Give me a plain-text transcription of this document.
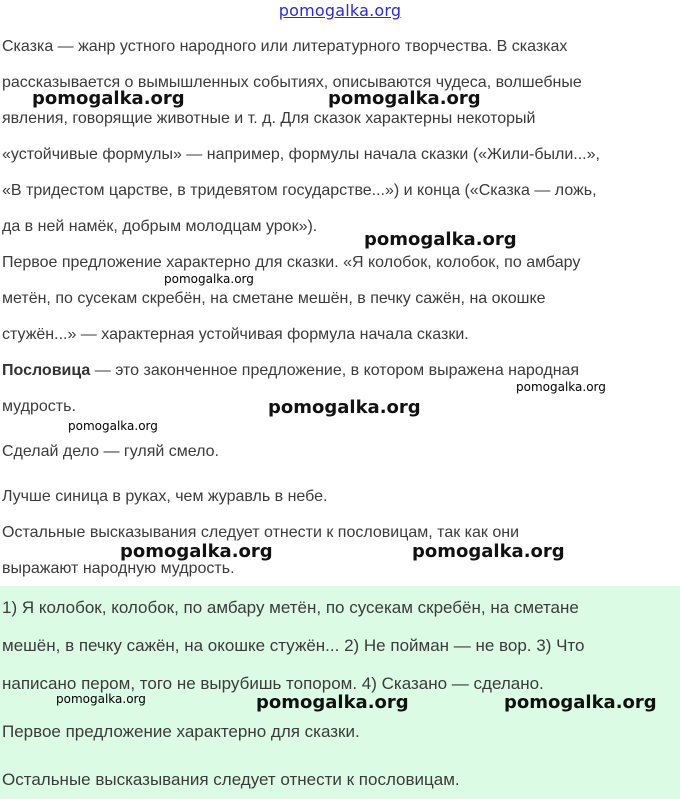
pomogalka.org

Сказка — жанр устного народного или литературного творчества. В сказках

рассказывается о вымышленных событиях, описываются чудеса, волшебные

явления, говорящие животные и т. д. Для сказок характерны некоторый

«устойчивые формулы» — например, формулы начала сказки («Жили-были...»,

«В тридестом царстве, в тридевятом государстве...») и конца («Сказка — ложь,

да в ней намёк, добрым молодцам урок»).

Первое предложение характерно для сказки. «Я колобок, колобок, по амбару

метён, по сусекам скребён, на сметане мешён, в печку сажён, на окошке

стужён...» — характерная устойчивая формула начала сказки.

Пословица — это законченное предложение, в котором выражена народная

мудрость.

Сделай дело — гуляй смело.

Лучше синица в руках, чем журавль в небе.

Остальные высказывания следует отнести к пословицам, так как они

выражают народную мудрость.

1) Я колобок, колобок, по амбару метён, по сусекам скребён, на сметане

мешён, в печку сажён, на окошке стужён... 2) Не пойман — не вор. 3) Что

написано пером, того не вырубишь топором. 4) Сказано — сделано.

Первое предложение характерно для сказки.

Остальные высказывания следует отнести к пословицам.

pomogalka.org	pomogalka.org
pomogalka.org
pomogalka.org
pomogalka.org
pomogalka.org
pomogalka.org
pomogalka.org	pomogalka.org
pomogalka.org	pomogalka.org	pomogalka.org
